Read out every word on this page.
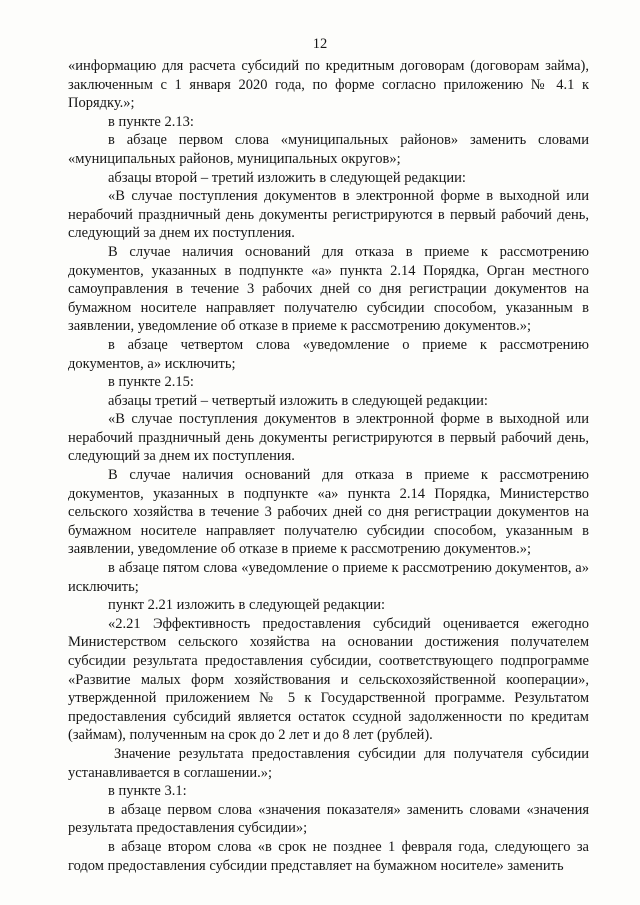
12

«информацию для расчета субсидий по кредитным договорам (договорам займа), заключенным с 1 января 2020 года, по форме согласно приложению № 4.1 к Порядку.»;

в пункте 2.13:

в абзаце первом слова «муниципальных районов» заменить словами «муниципальных районов, муниципальных округов»;

абзацы второй – третий изложить в следующей редакции:

«В случае поступления документов в электронной форме в выходной или нерабочий праздничный день документы регистрируются в первый рабочий день, следующий за днем их поступления.

В случае наличия оснований для отказа в приеме к рассмотрению документов, указанных в подпункте «а» пункта 2.14 Порядка, Орган местного самоуправления в течение 3 рабочих дней со дня регистрации документов на бумажном носителе направляет получателю субсидии способом, указанным в заявлении, уведомление об отказе в приеме к рассмотрению документов.»;

в абзаце четвертом слова «уведомление о приеме к рассмотрению документов, а» исключить;

в пункте 2.15:

абзацы третий – четвертый изложить в следующей редакции:

«В случае поступления документов в электронной форме в выходной или нерабочий праздничный день документы регистрируются в первый рабочий день, следующий за днем их поступления.

В случае наличия оснований для отказа в приеме к рассмотрению документов, указанных в подпункте «а» пункта 2.14 Порядка, Министерство сельского хозяйства в течение 3 рабочих дней со дня регистрации документов на бумажном носителе направляет получателю субсидии способом, указанным в заявлении, уведомление об отказе в приеме к рассмотрению документов.»;

в абзаце пятом слова «уведомление о приеме к рассмотрению документов, а» исключить;

пункт 2.21 изложить в следующей редакции:

«2.21 Эффективность предоставления субсидий оценивается ежегодно Министерством сельского хозяйства на основании достижения получателем субсидии результата предоставления субсидии, соответствующего подпрограмме «Развитие малых форм хозяйствования и сельскохозяйственной кооперации», утвержденной приложением № 5 к Государственной программе. Результатом предоставления субсидий является остаток ссудной задолженности по кредитам (займам), полученным на срок до 2 лет и до 8 лет (рублей).

Значение результата предоставления субсидии для получателя субсидии устанавливается в соглашении.»;

в пункте 3.1:

в абзаце первом слова «значения показателя» заменить словами «значения результата предоставления субсидии»;

в абзаце втором слова «в срок не позднее 1 февраля года, следующего за годом предоставления субсидии представляет на бумажном носителе» заменить
